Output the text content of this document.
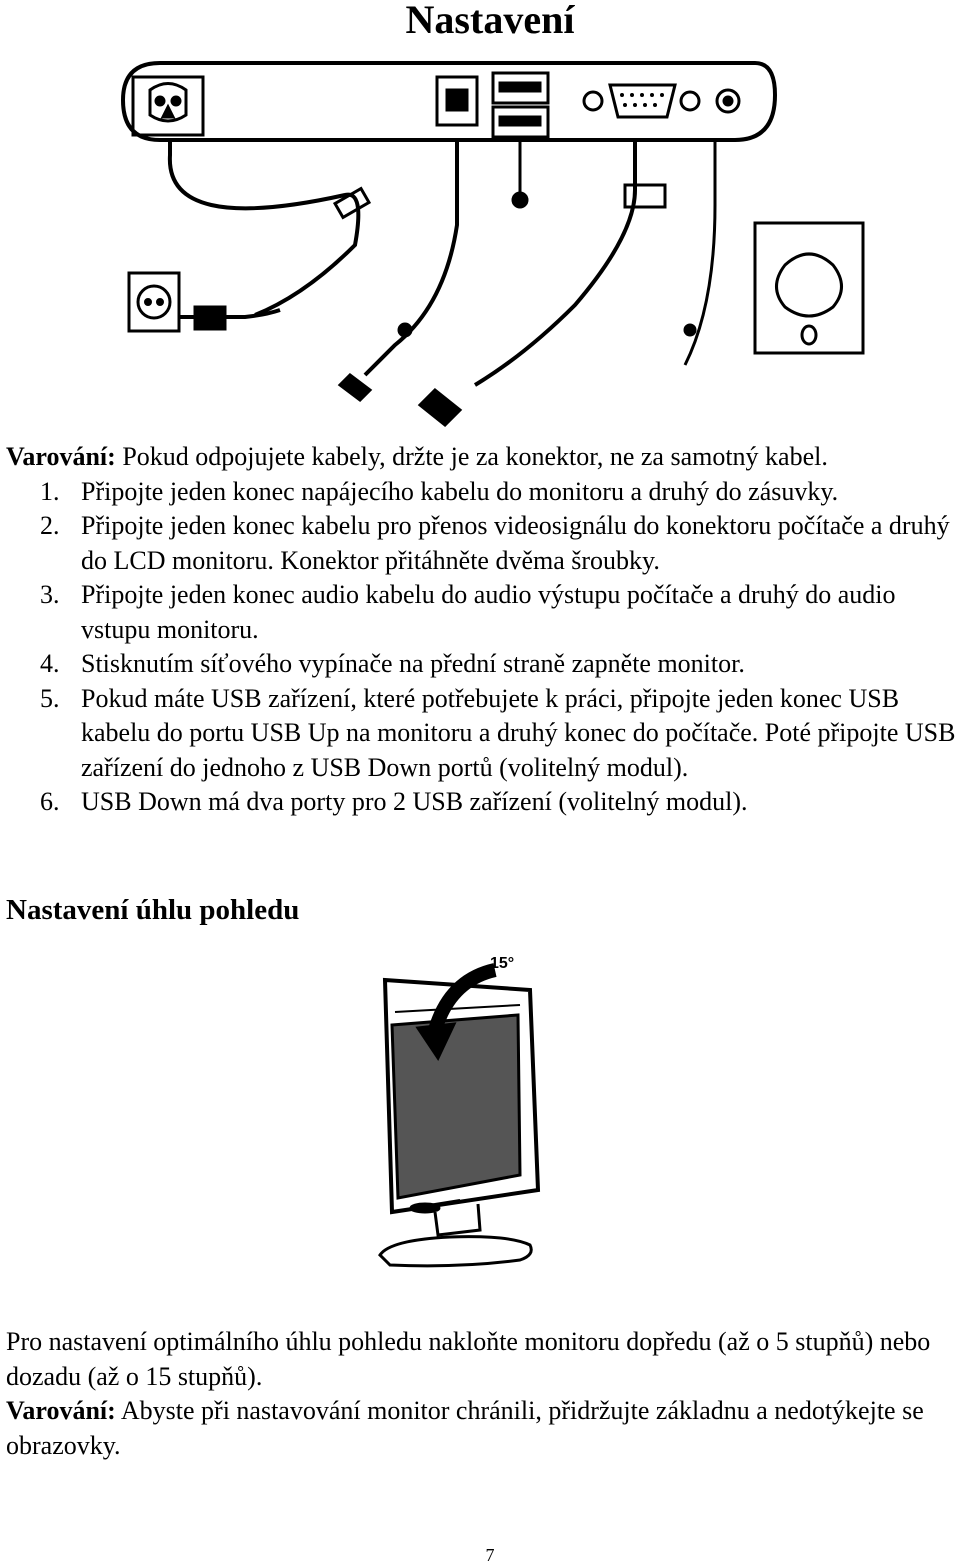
Nastavení
Varování: Pokud odpojujete kabely, držte je za konektor, ne za samotný kabel.
1. Připojte jeden konec napájecího kabelu do monitoru a druhý do zásuvky.
2. Připojte jeden konec kabelu pro přenos videosignálu do konektoru počítače a druhý do LCD monitoru. Konektor přitáhněte dvěma šroubky.
3. Připojte jeden konec audio kabelu do audio výstupu počítače a druhý do audio vstupu monitoru.
4. Stisknutím síťového vypínače na přední straně zapněte monitor.
5. Pokud máte USB zařízení, které potřebujete k práci, připojte jeden konec USB kabelu do portu USB Up na monitoru a druhý konec do počítače. Poté připojte USB zařízení do jednoho z USB Down portů (volitelný modul).
6. USB Down má dva porty pro 2 USB zařízení (volitelný modul).
Nastavení úhlu pohledu
15°

Pro nastavení optimálního úhlu pohledu nakloňte monitoru dopředu (až o 5 stupňů) nebo dozadu (až o 15 stupňů).

Varování: Abyste při nastavování monitor chránili, přidržujte základnu a nedotýkejte se obrazovky.

7
